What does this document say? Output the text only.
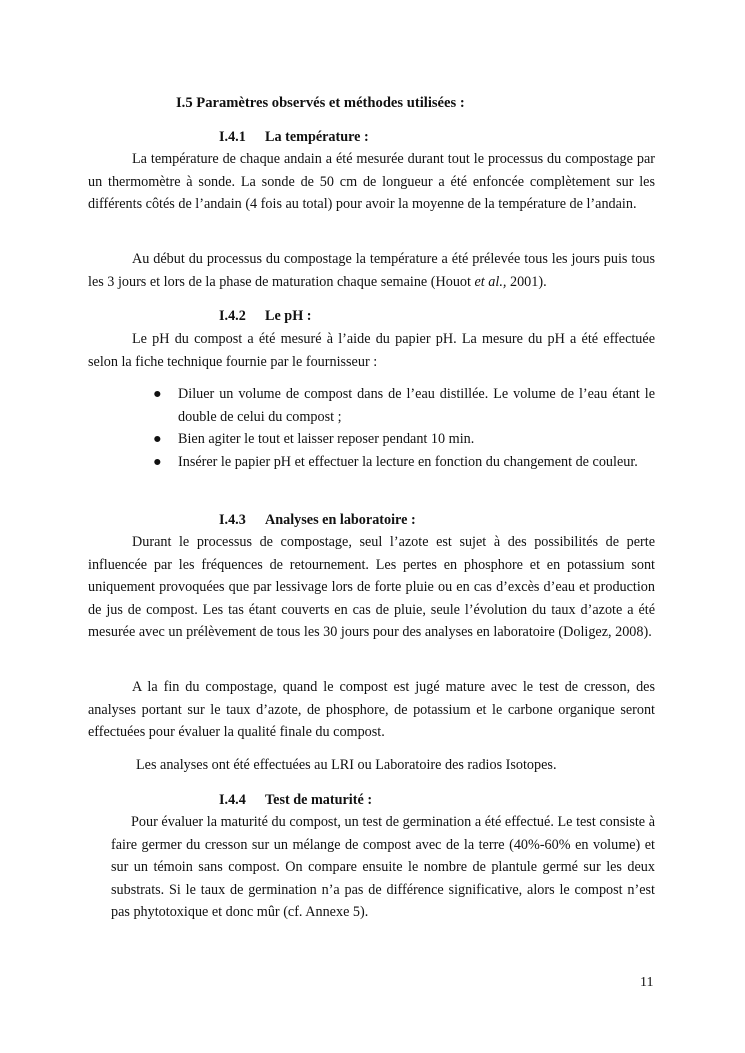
I.5 Paramètres observés et méthodes utilisées :
I.4.1 La température :

La température de chaque andain a été mesurée durant tout le processus du compostage par un thermomètre à sonde. La sonde de 50 cm de longueur a été enfoncée complètement sur les différents côtés de l’andain (4 fois au total) pour avoir la moyenne de la température de l’andain.

Au début du processus du compostage la température a été prélevée tous les jours puis tous les 3 jours et lors de la phase de maturation chaque semaine (Houot et al., 2001).

I.4.2 Le pH :

Le pH du compost a été mesuré à l’aide du papier pH. La mesure du pH a été effectuée selon la fiche technique fournie par le fournisseur :

● Diluer un volume de compost dans de l’eau distillée. Le volume de l’eau étant le double de celui du compost ;
● Bien agiter le tout et laisser reposer pendant 10 min.
● Insérer le papier pH et effectuer la lecture en fonction du changement de couleur.
I.4.3 Analyses en laboratoire :

Durant le processus de compostage, seul l’azote est sujet à des possibilités de perte influencée par les fréquences de retournement. Les pertes en phosphore et en potassium sont uniquement provoquées que par lessivage lors de forte pluie ou en cas d’excès d’eau et production de jus de compost. Les tas étant couverts en cas de pluie, seule l’évolution du taux d’azote a été mesurée avec un prélèvement de tous les 30 jours pour des analyses en laboratoire (Doligez, 2008).

A la fin du compostage, quand le compost est jugé mature avec le test de cresson, des analyses portant sur le taux d’azote, de phosphore, de potassium et le carbone organique seront effectuées pour évaluer la qualité finale du compost.

Les analyses ont été effectuées au LRI ou Laboratoire des radios Isotopes.

I.4.4 Test de maturité :

Pour évaluer la maturité du compost, un test de germination a été effectué. Le test consiste à faire germer du cresson sur un mélange de compost avec de la terre (40%-60% en volume) et sur un témoin sans compost. On compare ensuite le nombre de plantule germé sur les deux substrats. Si le taux de germination n’a pas de différence significative, alors le compost n’est pas phytotoxique et donc mûr (cf. Annexe 5).

11
